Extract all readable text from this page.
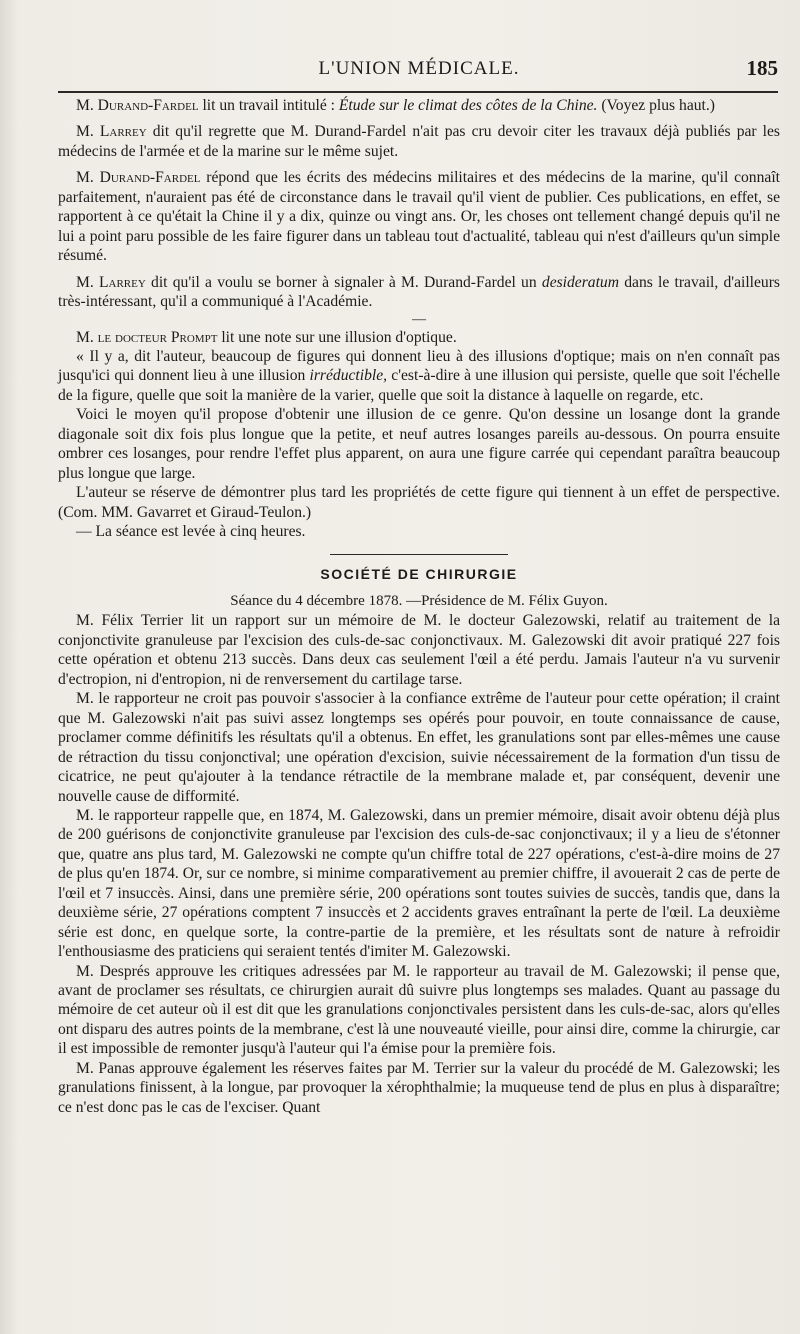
L'UNION MÉDICALE.	185

M. Durand-Fardel lit un travail intitulé : Étude sur le climat des côtes de la Chine. (Voyez plus haut.)

M. Larrey dit qu'il regrette que M. Durand-Fardel n'ait pas cru devoir citer les travaux déjà publiés par les médecins de l'armée et de la marine sur le même sujet.

M. Durand-Fardel répond que les écrits des médecins militaires et des médecins de la marine, qu'il connaît parfaitement, n'auraient pas été de circonstance dans le travail qu'il vient de publier. Ces publications, en effet, se rapportent à ce qu'était la Chine il y a dix, quinze ou vingt ans. Or, les choses ont tellement changé depuis qu'il ne lui a point paru possible de les faire figurer dans un tableau tout d'actualité, tableau qui n'est d'ailleurs qu'un simple résumé.

M. Larrey dit qu'il a voulu se borner à signaler à M. Durand-Fardel un desideratum dans le travail, d'ailleurs très-intéressant, qu'il a communiqué à l'Académie.

—

M. le docteur Prompt lit une note sur une illusion d'optique.

« Il y a, dit l'auteur, beaucoup de figures qui donnent lieu à des illusions d'optique; mais on n'en connaît pas jusqu'ici qui donnent lieu à une illusion irréductible, c'est-à-dire à une illusion qui persiste, quelle que soit l'échelle de la figure, quelle que soit la manière de la varier, quelle que soit la distance à laquelle on regarde, etc.

Voici le moyen qu'il propose d'obtenir une illusion de ce genre. Qu'on dessine un losange dont la grande diagonale soit dix fois plus longue que la petite, et neuf autres losanges pareils au-dessous. On pourra ensuite ombrer ces losanges, pour rendre l'effet plus apparent, on aura une figure carrée qui cependant paraîtra beaucoup plus longue que large.

L'auteur se réserve de démontrer plus tard les propriétés de cette figure qui tiennent à un effet de perspective. (Com. MM. Gavarret et Giraud-Teulon.)

— La séance est levée à cinq heures.

SOCIÉTÉ DE CHIRURGIE

Séance du 4 décembre 1878. —Présidence de M. Félix Guyon.

M. Félix Terrier lit un rapport sur un mémoire de M. le docteur Galezowski, relatif au traitement de la conjonctivite granuleuse par l'excision des culs-de-sac conjonctivaux. M. Galezowski dit avoir pratiqué 227 fois cette opération et obtenu 213 succès. Dans deux cas seulement l'œil a été perdu. Jamais l'auteur n'a vu survenir d'ectropion, ni d'entropion, ni de renversement du cartilage tarse.

M. le rapporteur ne croit pas pouvoir s'associer à la confiance extrême de l'auteur pour cette opération; il craint que M. Galezowski n'ait pas suivi assez longtemps ses opérés pour pouvoir, en toute connaissance de cause, proclamer comme définitifs les résultats qu'il a obtenus. En effet, les granulations sont par elles-mêmes une cause de rétraction du tissu conjonctival; une opération d'excision, suivie nécessairement de la formation d'un tissu de cicatrice, ne peut qu'ajouter à la tendance rétractile de la membrane malade et, par conséquent, devenir une nouvelle cause de difformité.

M. le rapporteur rappelle que, en 1874, M. Galezowski, dans un premier mémoire, disait avoir obtenu déjà plus de 200 guérisons de conjonctivite granuleuse par l'excision des culs-de-sac conjonctivaux; il y a lieu de s'étonner que, quatre ans plus tard, M. Galezowski ne compte qu'un chiffre total de 227 opérations, c'est-à-dire moins de 27 de plus qu'en 1874. Or, sur ce nombre, si minime comparativement au premier chiffre, il avouerait 2 cas de perte de l'œil et 7 insuccès. Ainsi, dans une première série, 200 opérations sont toutes suivies de succès, tandis que, dans la deuxième série, 27 opérations comptent 7 insuccès et 2 accidents graves entraînant la perte de l'œil. La deuxième série est donc, en quelque sorte, la contre-partie de la première, et les résultats sont de nature à refroidir l'enthousiasme des praticiens qui seraient tentés d'imiter M. Galezowski.

M. Després approuve les critiques adressées par M. le rapporteur au travail de M. Galezowski; il pense que, avant de proclamer ses résultats, ce chirurgien aurait dû suivre plus longtemps ses malades. Quant au passage du mémoire de cet auteur où il est dit que les granulations conjonctivales persistent dans les culs-de-sac, alors qu'elles ont disparu des autres points de la membrane, c'est là une nouveauté vieille, pour ainsi dire, comme la chirurgie, car il est impossible de remonter jusqu'à l'auteur qui l'a émise pour la première fois.

M. Panas approuve également les réserves faites par M. Terrier sur la valeur du procédé de M. Galezowski; les granulations finissent, à la longue, par provoquer la xérophthalmie; la muqueuse tend de plus en plus à disparaître; ce n'est donc pas le cas de l'exciser. Quant
